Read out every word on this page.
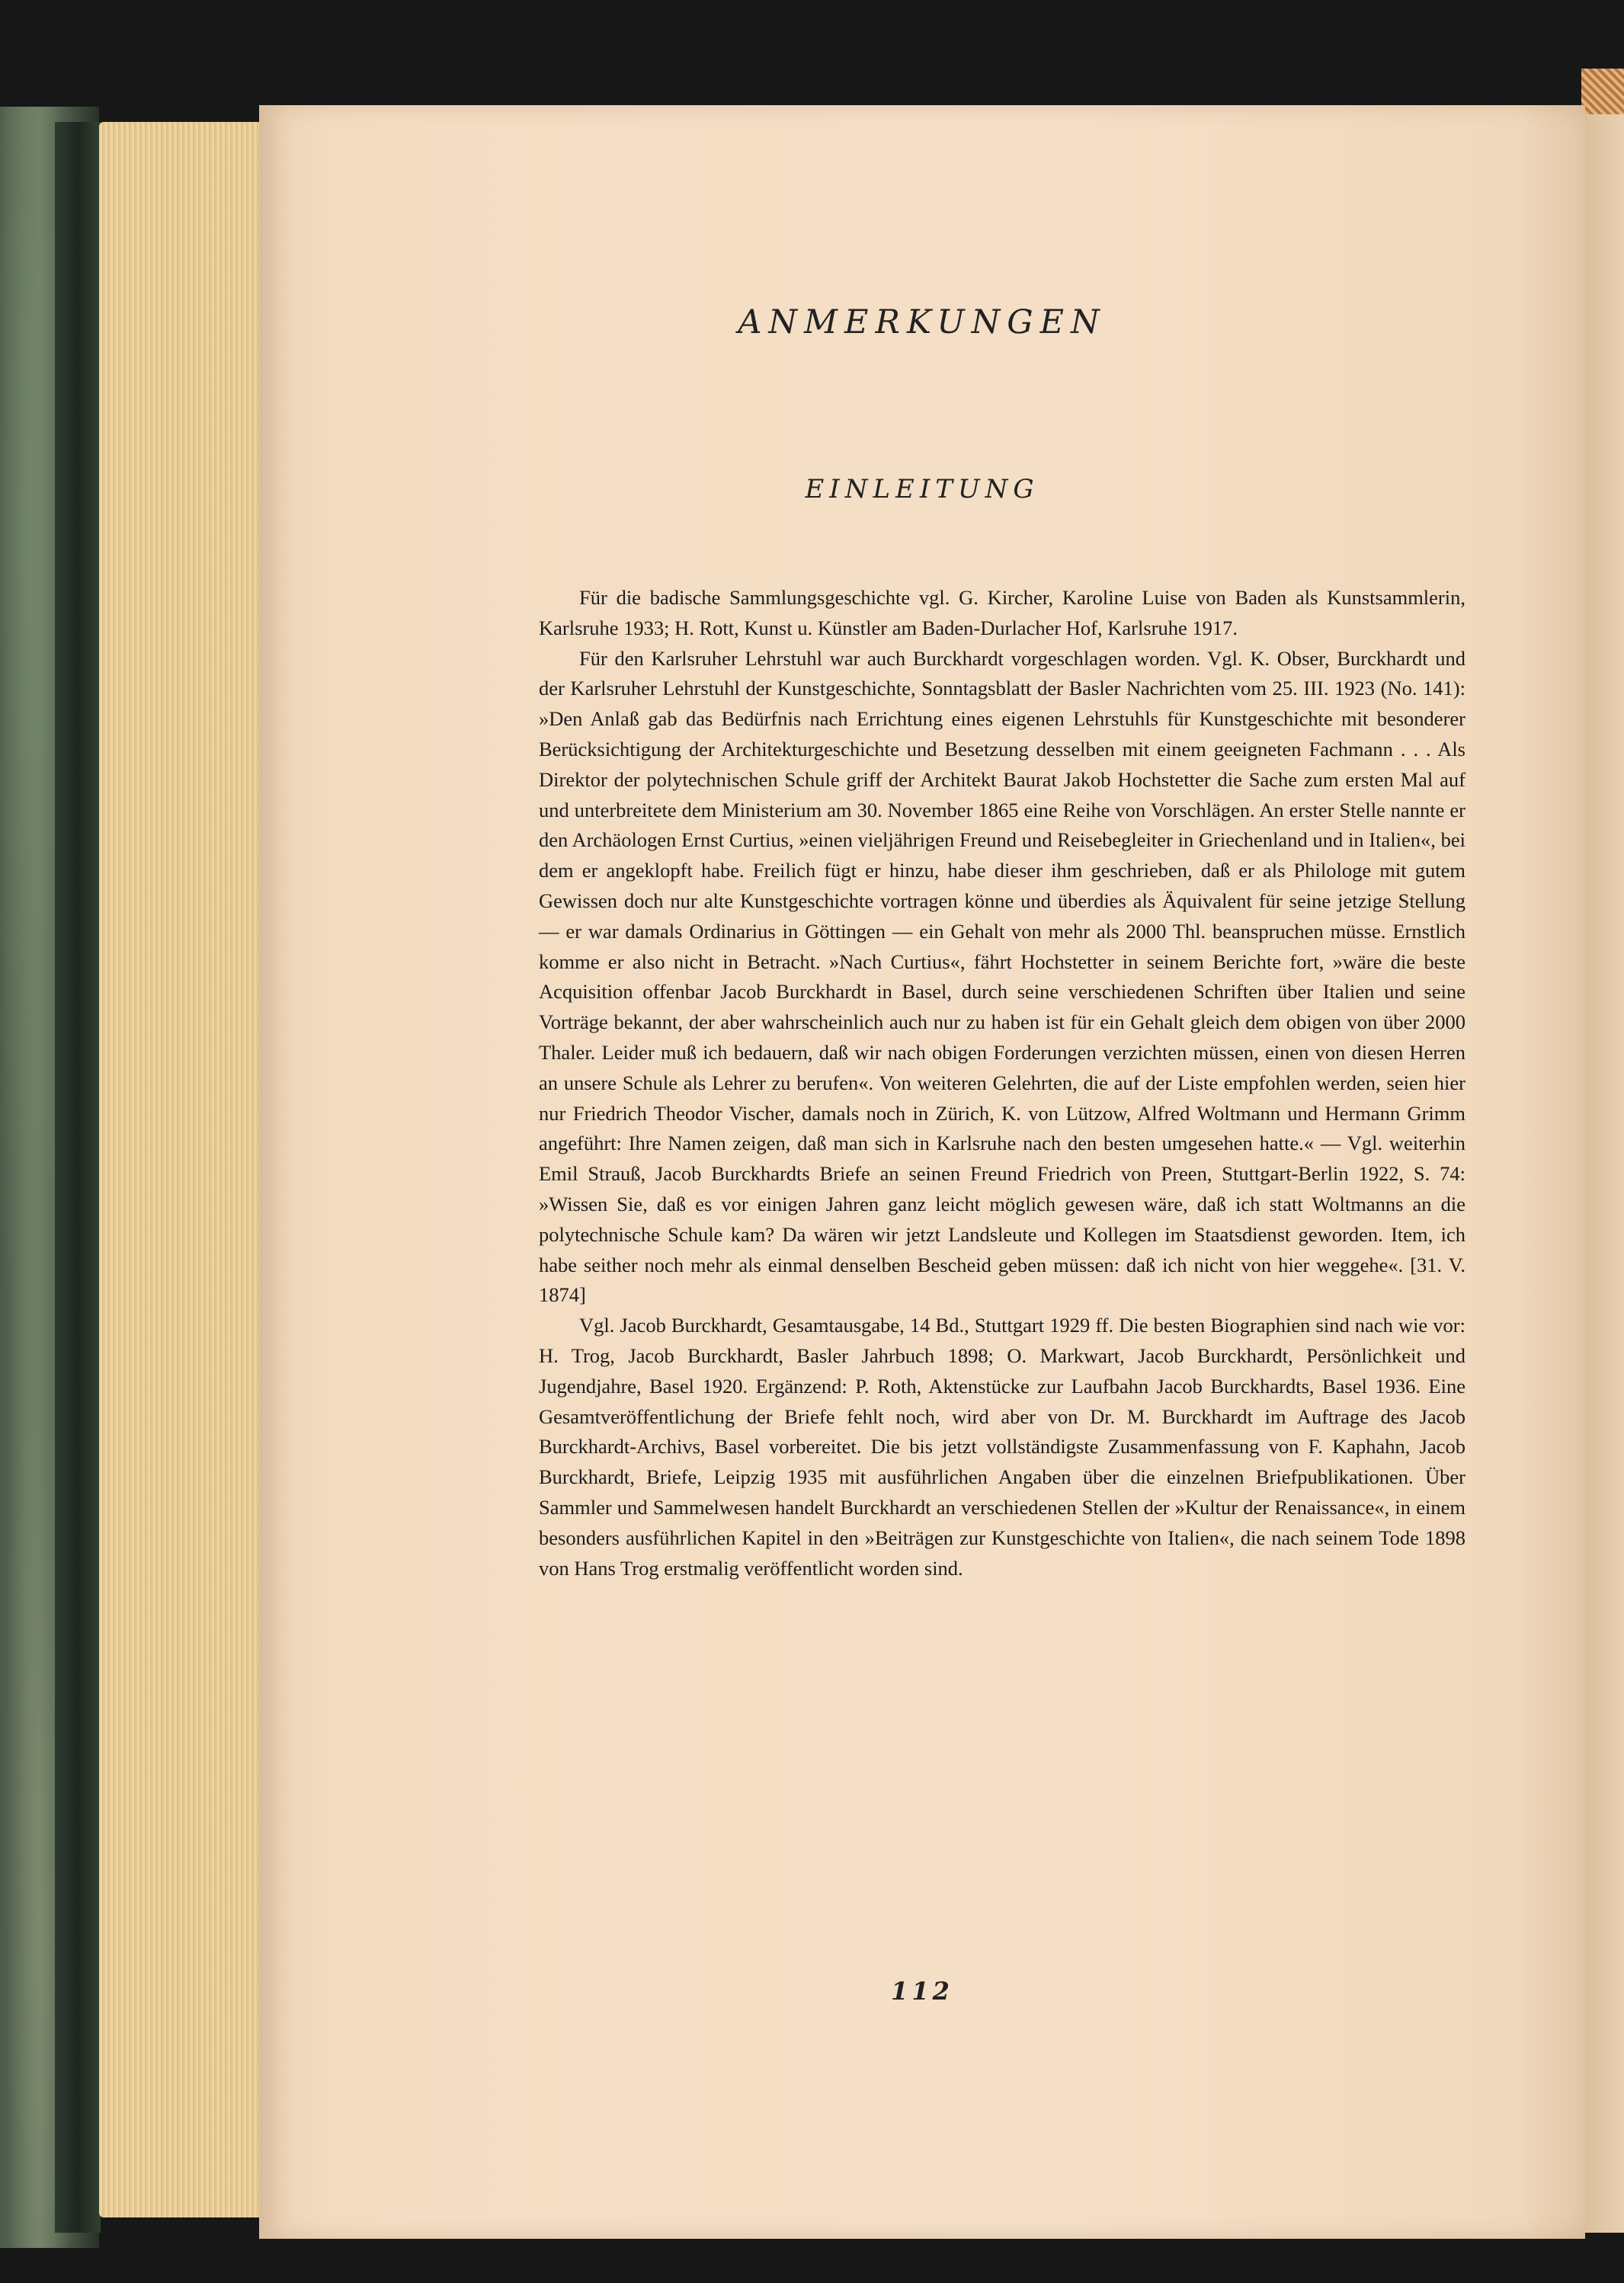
ANMERKUNGEN
EINLEITUNG

Für die badische Sammlungsgeschichte vgl. G. Kircher, Karoline Luise von Baden als Kunstsammlerin, Karlsruhe 1933; H. Rott, Kunst u. Künstler am Baden-Durlacher Hof, Karlsruhe 1917.

Für den Karlsruher Lehrstuhl war auch Burckhardt vorgeschlagen worden. Vgl. K. Obser, Burckhardt und der Karlsruher Lehrstuhl der Kunstgeschichte, Sonntagsblatt der Basler Nachrichten vom 25. III. 1923 (No. 141): »Den Anlaß gab das Bedürfnis nach Errichtung eines eigenen Lehrstuhls für Kunstgeschichte mit besonderer Berücksichtigung der Architekturgeschichte und Besetzung desselben mit einem geeigneten Fachmann . . . Als Direktor der polytechnischen Schule griff der Architekt Baurat Jakob Hochstetter die Sache zum ersten Mal auf und unterbreitete dem Ministerium am 30. November 1865 eine Reihe von Vorschlägen. An erster Stelle nannte er den Archäologen Ernst Curtius, »einen vieljährigen Freund und Reisebegleiter in Griechenland und in Italien«, bei dem er angeklopft habe. Freilich fügt er hinzu, habe dieser ihm geschrieben, daß er als Philologe mit gutem Gewissen doch nur alte Kunstgeschichte vortragen könne und überdies als Äquivalent für seine jetzige Stellung — er war damals Ordinarius in Göttingen — ein Gehalt von mehr als 2000 Thl. beanspruchen müsse. Ernstlich komme er also nicht in Betracht. »Nach Curtius«, fährt Hochstetter in seinem Berichte fort, »wäre die beste Acquisition offenbar Jacob Burckhardt in Basel, durch seine verschiedenen Schriften über Italien und seine Vorträge bekannt, der aber wahrscheinlich auch nur zu haben ist für ein Gehalt gleich dem obigen von über 2000 Thaler. Leider muß ich bedauern, daß wir nach obigen Forderungen verzichten müssen, einen von diesen Herren an unsere Schule als Lehrer zu berufen«. Von weiteren Gelehrten, die auf der Liste empfohlen werden, seien hier nur Friedrich Theodor Vischer, damals noch in Zürich, K. von Lützow, Alfred Woltmann und Hermann Grimm angeführt: Ihre Namen zeigen, daß man sich in Karlsruhe nach den besten umgesehen hatte.« — Vgl. weiterhin Emil Strauß, Jacob Burckhardts Briefe an seinen Freund Friedrich von Preen, Stuttgart-Berlin 1922, S. 74: »Wissen Sie, daß es vor einigen Jahren ganz leicht möglich gewesen wäre, daß ich statt Woltmanns an die polytechnische Schule kam? Da wären wir jetzt Landsleute und Kollegen im Staatsdienst geworden. Item, ich habe seither noch mehr als einmal denselben Bescheid geben müssen: daß ich nicht von hier weggehe«. [31. V. 1874]

Vgl. Jacob Burckhardt, Gesamtausgabe, 14 Bd., Stuttgart 1929 ff. Die besten Biographien sind nach wie vor: H. Trog, Jacob Burckhardt, Basler Jahrbuch 1898; O. Markwart, Jacob Burckhardt, Persönlichkeit und Jugendjahre, Basel 1920. Ergänzend: P. Roth, Aktenstücke zur Laufbahn Jacob Burckhardts, Basel 1936. Eine Gesamtveröffentlichung der Briefe fehlt noch, wird aber von Dr. M. Burckhardt im Auftrage des Jacob Burckhardt-Archivs, Basel vorbereitet. Die bis jetzt vollständigste Zusammenfassung von F. Kaphahn, Jacob Burckhardt, Briefe, Leipzig 1935 mit ausführlichen Angaben über die einzelnen Briefpublikationen. Über Sammler und Sammelwesen handelt Burckhardt an verschiedenen Stellen der »Kultur der Renaissance«, in einem besonders ausführlichen Kapitel in den »Beiträgen zur Kunstgeschichte von Italien«, die nach seinem Tode 1898 von Hans Trog erstmalig veröffentlicht worden sind.

112
